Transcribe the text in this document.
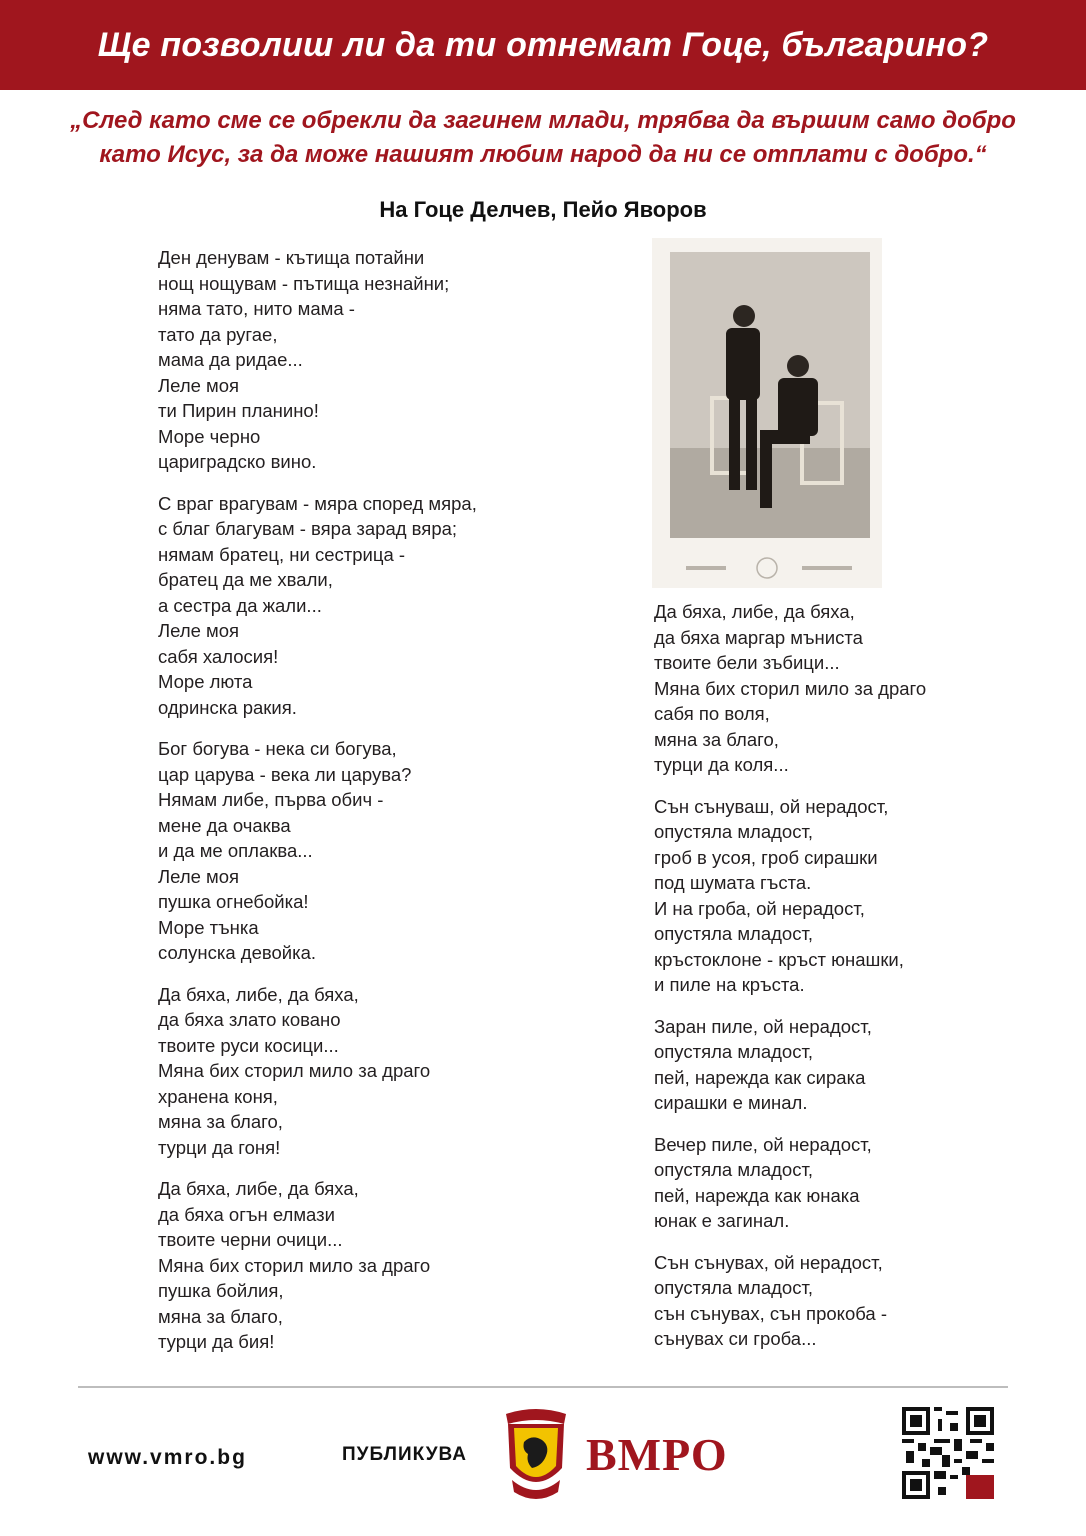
Ще позволиш ли да ти отнемат Гоце, българино?
„След като сме се обрекли да загинем млади, трябва да вършим само добро
като Исус, за да може нашият любим народ да ни се отплати с добро.“
На Гоце Делчев, Пейо Яворов
Ден денувам - кътища потайни
нощ нощувам - пътища незнайни;
няма тато, нито мама -
тато да ругае,
мама да ридае...
Леле моя
ти Пирин планино!
Море черно
цариградско вино.
С враг врагувам - мяра според мяра,
с благ благувам - вяра зарад вяра;
нямам братец, ни сестрица -
братец да ме хвали,
а сестра да жали...
Леле моя
сабя халосия!
Море люта
одринска ракия.
Бог богува - нека си богува,
цар царува - века ли царува?
Нямам либе, първа обич -
мене да очаква
и да ме оплаква...
Леле моя
пушка огнебойка!
Море тънка
солунска девойка.
Да бяха, либе, да бяха,
да бяха злато ковано
твоите руси косици...
Мяна бих сторил мило за драго
хранена коня,
мяна за благо,
турци да гоня!
Да бяха, либе, да бяха,
да бяха огън елмази
твоите черни очици...
Мяна бих сторил мило за драго
пушка бойлия,
мяна за благо,
турци да бия!
Да бяха, либе, да бяха,
да бяха маргар мъниста
твоите бели зъбици...
Мяна бих сторил мило за драго
сабя по воля,
мяна за благо,
турци да коля...
Сън сънуваш, ой нерадост,
опустяла младост,
гроб в усоя, гроб сирашки
под шумата гъста.
И на гроба, ой нерадост,
опустяла младост,
кръстоклоне - кръст юнашки,
и пиле на кръста.
Заран пиле, ой нерадост,
опустяла младост,
пей, нарежда как сирака
сирашки е минал.
Вечер пиле, ой нерадост,
опустяла младост,
пей, нарежда как юнака
юнак е загинал.
Сън сънувах, ой нерадост,
опустяла младост,
сън сънувах, сън прокоба -
сънувах си гроба...
www.vmro.bg	ПУБЛИКУВА	ВМРО
